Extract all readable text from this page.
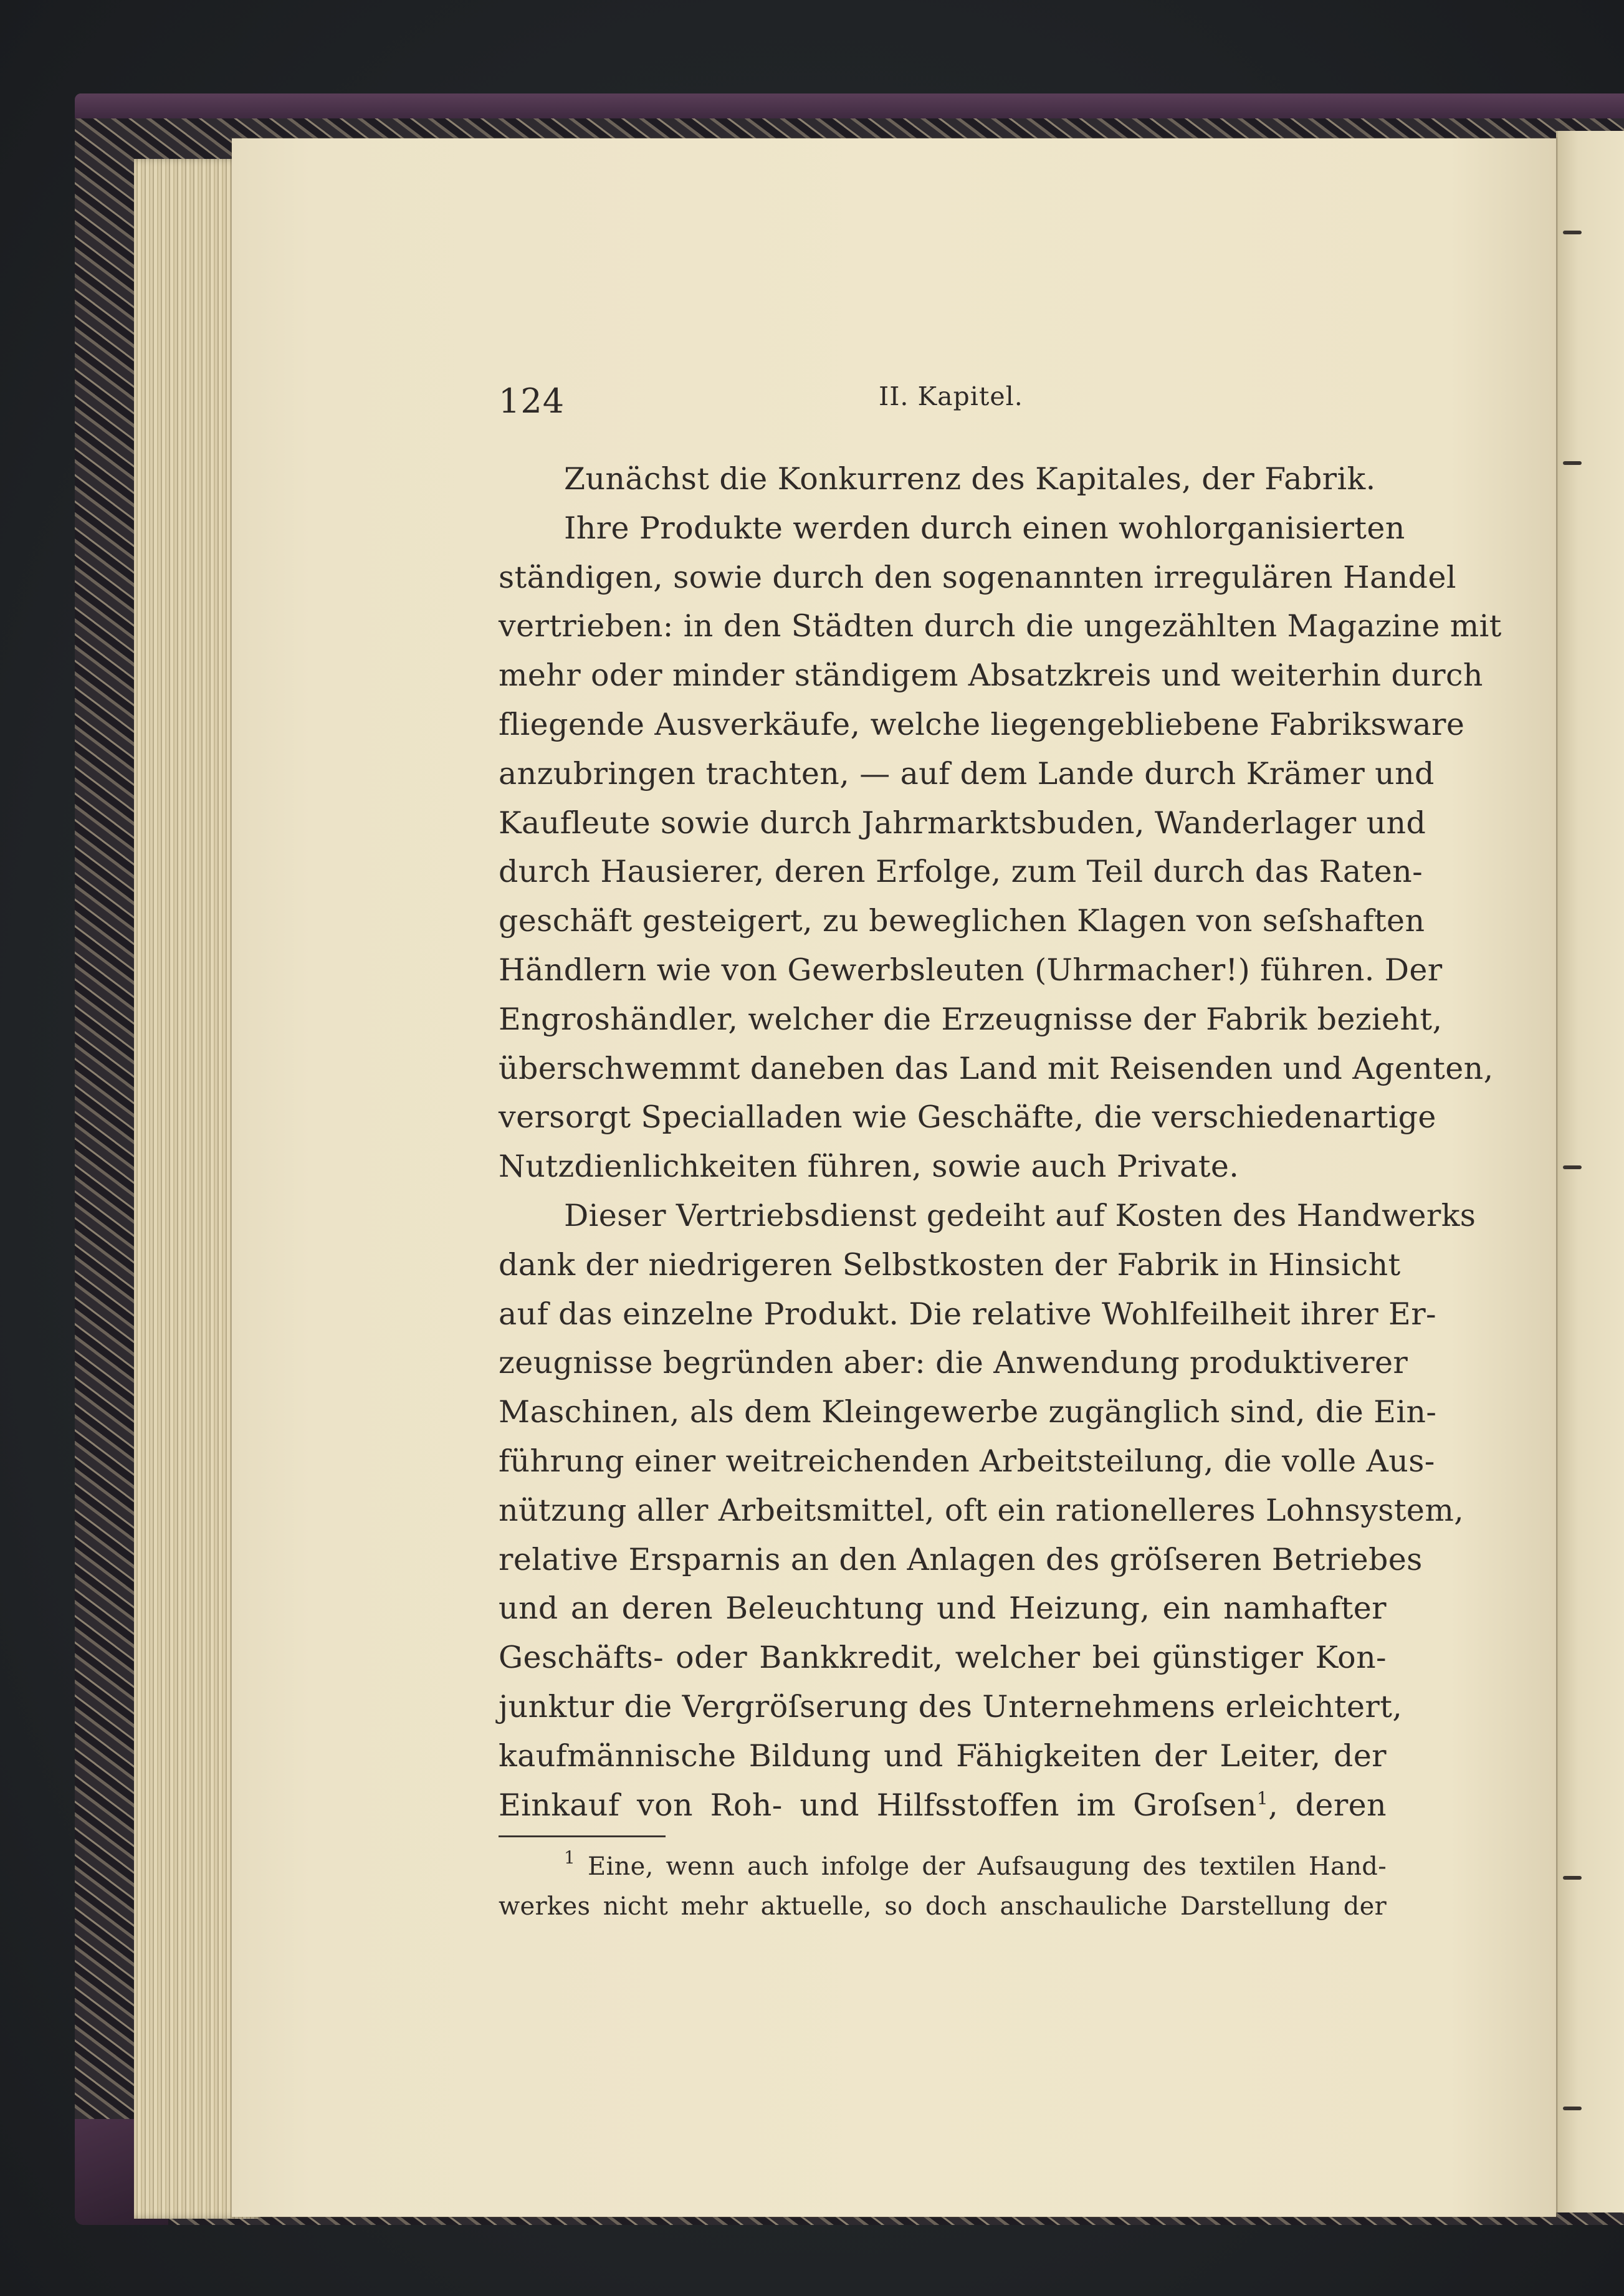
124	II. Kapitel.
Zunächst die Konkurrenz des Kapitales, der Fabrik.
Ihre Produkte werden durch einen wohlorganisierten
ständigen, sowie durch den sogenannten irregulären Handel
vertrieben: in den Städten durch die ungezählten Magazine mit
mehr oder minder ständigem Absatzkreis und weiterhin durch
fliegende Ausverkäufe, welche liegengebliebene Fabriksware
anzubringen trachten, — auf dem Lande durch Krämer und
Kaufleute sowie durch Jahrmarktsbuden, Wanderlager und
durch Hausierer, deren Erfolge, zum Teil durch das Raten-
geschäft gesteigert, zu beweglichen Klagen von seſshaften
Händlern wie von Gewerbsleuten (Uhrmacher!) führen. Der
Engroshändler, welcher die Erzeugnisse der Fabrik bezieht,
überschwemmt daneben das Land mit Reisenden und Agenten,
versorgt Specialladen wie Geschäfte, die verschiedenartige
Nutzdienlichkeiten führen, sowie auch Private.
Dieser Vertriebsdienst gedeiht auf Kosten des Handwerks
dank der niedrigeren Selbstkosten der Fabrik in Hinsicht
auf das einzelne Produkt. Die relative Wohlfeilheit ihrer Er-
zeugnisse begründen aber: die Anwendung produktiverer
Maschinen, als dem Kleingewerbe zugänglich sind, die Ein-
führung einer weitreichenden Arbeitsteilung, die volle Aus-
nützung aller Arbeitsmittel, oft ein rationelleres Lohnsystem,
relative Ersparnis an den Anlagen des gröſseren Betriebes
und an deren Beleuchtung und Heizung, ein namhafter
Geschäfts- oder Bankkredit, welcher bei günstiger Kon-
junktur die Vergröſserung des Unternehmens erleichtert,
kaufmännische Bildung und Fähigkeiten der Leiter, der
Einkauf von Roh- und Hilfsstoffen im Groſsen$^1$, deren
$^1$ Eine, wenn auch infolge der Aufsaugung des textilen Hand-
werkes nicht mehr aktuelle, so doch anschauliche Darstellung der
